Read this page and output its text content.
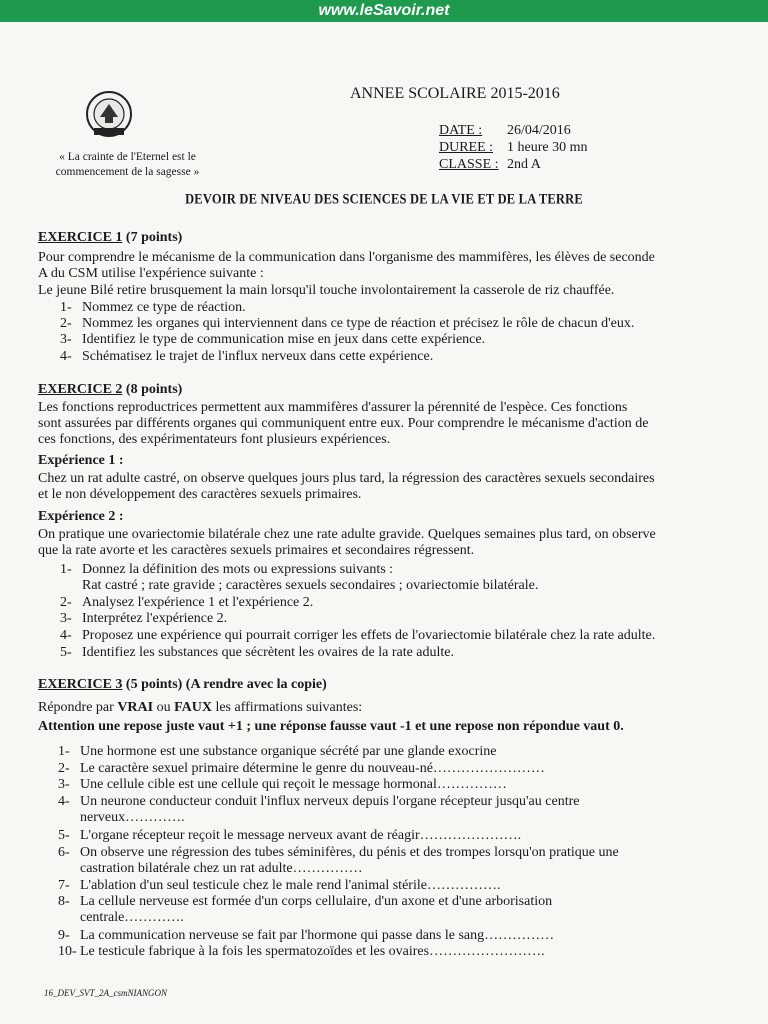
www.leSavoir.net
« La crainte de l'Eternel est le
commencement de la sagesse »
ANNEE SCOLAIRE 2015-2016
DATE :	26/04/2016
DUREE : 1 heure 30 mn
CLASSE : 2nd A
DEVOIR DE NIVEAU DES SCIENCES DE LA VIE ET DE LA TERRE
EXERCICE 1 (7 points)
Pour comprendre le mécanisme de la communication dans l'organisme des mammifères, les élèves de seconde
A du CSM utilise l'expérience suivante :
Le jeune Bilé retire brusquement la main lorsqu'il touche involontairement la casserole de riz chauffée.
1- Nommez ce type de réaction.
2- Nommez les organes qui interviennent dans ce type de réaction et précisez le rôle de chacun d'eux.
3- Identifiez le type de communication mise en jeux dans cette expérience.
4- Schématisez le trajet de l'influx nerveux dans cette expérience.
EXERCICE 2 (8 points)
Les fonctions reproductrices permettent aux mammifères d'assurer la pérennité de l'espèce. Ces fonctions
sont assurées par différents organes qui communiquent entre eux. Pour comprendre le mécanisme d'action de
ces fonctions, des expérimentateurs font plusieurs expériences.
Expérience 1 :
Chez un rat adulte castré, on observe quelques jours plus tard, la régression des caractères sexuels secondaires
et le non développement des caractères sexuels primaires.
Expérience 2 :
On pratique une ovariectomie bilatérale chez une rate adulte gravide. Quelques semaines plus tard, on observe
que la rate avorte et les caractères sexuels primaires et secondaires régressent.
1- Donnez la définition des mots ou expressions suivants :
Rat castré ; rate gravide ; caractères sexuels secondaires ; ovariectomie bilatérale.
2- Analysez l'expérience 1 et l'expérience 2.
3- Interprétez l'expérience 2.
4- Proposez une expérience qui pourrait corriger les effets de l'ovariectomie bilatérale chez la rate adulte.
5- Identifiez les substances que sécrètent les ovaires de la rate adulte.
EXERCICE 3 (5 points) (A rendre avec la copie)
Répondre par VRAI ou FAUX les affirmations suivantes:
Attention une repose juste vaut +1 ; une réponse fausse vaut -1 et une repose non répondue vaut 0.
1- Une hormone est une substance organique sécrété par une glande exocrine
2- Le caractère sexuel primaire détermine le genre du nouveau-né……………………
3- Une cellule cible est une cellule qui reçoit le message hormonal……………
4- Un neurone conducteur conduit l'influx nerveux depuis l'organe récepteur jusqu'au centre
nerveux………….
5- L'organe récepteur reçoit le message nerveux avant de réagir………………….
6- On observe une régression des tubes séminifères, du pénis et des trompes lorsqu'on pratique une
castration bilatérale chez un rat adulte……………
7- L'ablation d'un seul testicule chez le male rend l'animal stérile…………….
8- La cellule nerveuse est formée d'un corps cellulaire, d'un axone et d'une arborisation
centrale………….
9- La communication nerveuse se fait par l'hormone qui passe dans le sang……………
10- Le testicule fabrique à la fois les spermatozoïdes et les ovaires…………………….
16_DEV_SVT_2A_csmNIANGON
